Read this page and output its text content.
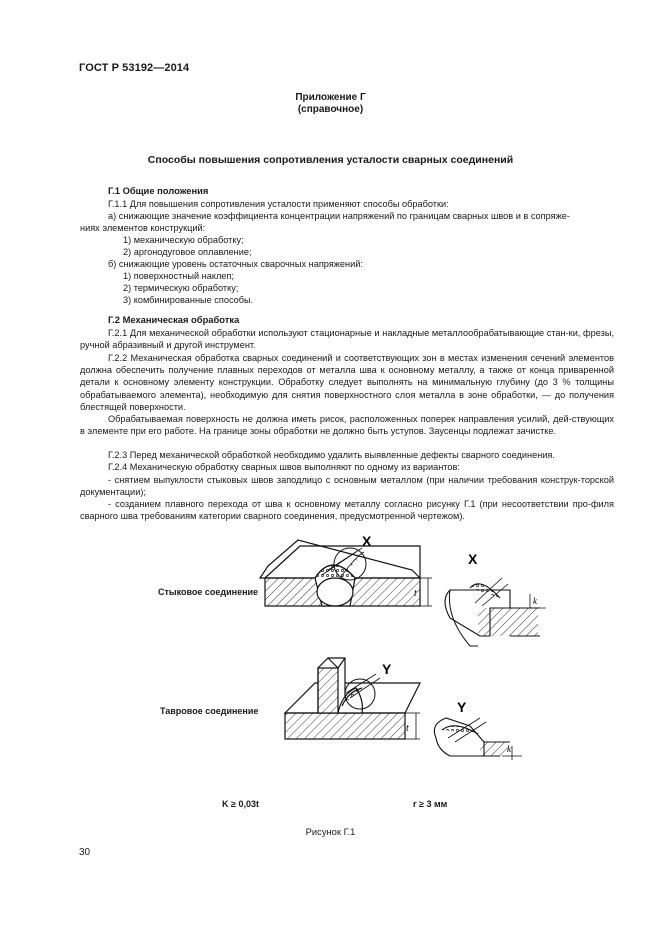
ГОСТ Р 53192—2014
Приложение Г
(справочное)
Способы повышения сопротивления усталости сварных соединений
Г.1 Общие положения
Г.1.1 Для повышения сопротивления усталости применяют способы обработки:
а) снижающие значение коэффициента концентрации напряжений по границам сварных швов и в сопряже-
ниях элементов конструкций:
1) механическую обработку;
2) аргонодуговое оплавление;
б) снижающие уровень остаточных сварочных напряжений:
1) поверхностный наклеп;
2) термическую обработку;
3) комбинированные способы.
Г.2 Механическая обработка

Г.2.1 Для механической обработки используют стационарные и накладные металлообрабатывающие стан-ки, фрезы, ручной абразивный и другой инструмент.

Г.2.2 Механическая обработка сварных соединений и соответствующих зон в местах изменения сечений элементов должна обеспечить получение плавных переходов от металла шва к основному металлу, а также от конца приваренной детали к основному элементу конструкции. Обработку следует выполнять на минимальную глубину (до 3 % толщины обрабатываемого элемента), необходимую для снятия поверхностного слоя металла в зоне обработки, — до получения блестящей поверхности.

Обрабатываемая поверхность не должна иметь рисок, расположенных поперек направления усилий, дей-ствующих в элементе при его работе. На границе зоны обработки не должно быть уступов. Заусенцы подлежат зачистке.

Г.2.3 Перед механической обработкой необходимо удалить выявленные дефекты сварного соединения.

Г.2.4 Механическую обработку сварных швов выполняют по одному из вариантов:

- снятием выпуклости стыковых швов заподлицо с основным металлом (при наличии требования конструк-торской документации);

- созданием плавного перехода от шва к основному металлу согласно рисунку Г.1 (при несоответствии про-филя сварного шва требованиям категории сварного соединения, предусмотренной чертежом).

X
t
X
k
Y
t
Y
k
Стыковое соединение
Тавровое соединение
K ≥ 0,03t	r ≥ 3 мм
Рисунок Г.1
30
